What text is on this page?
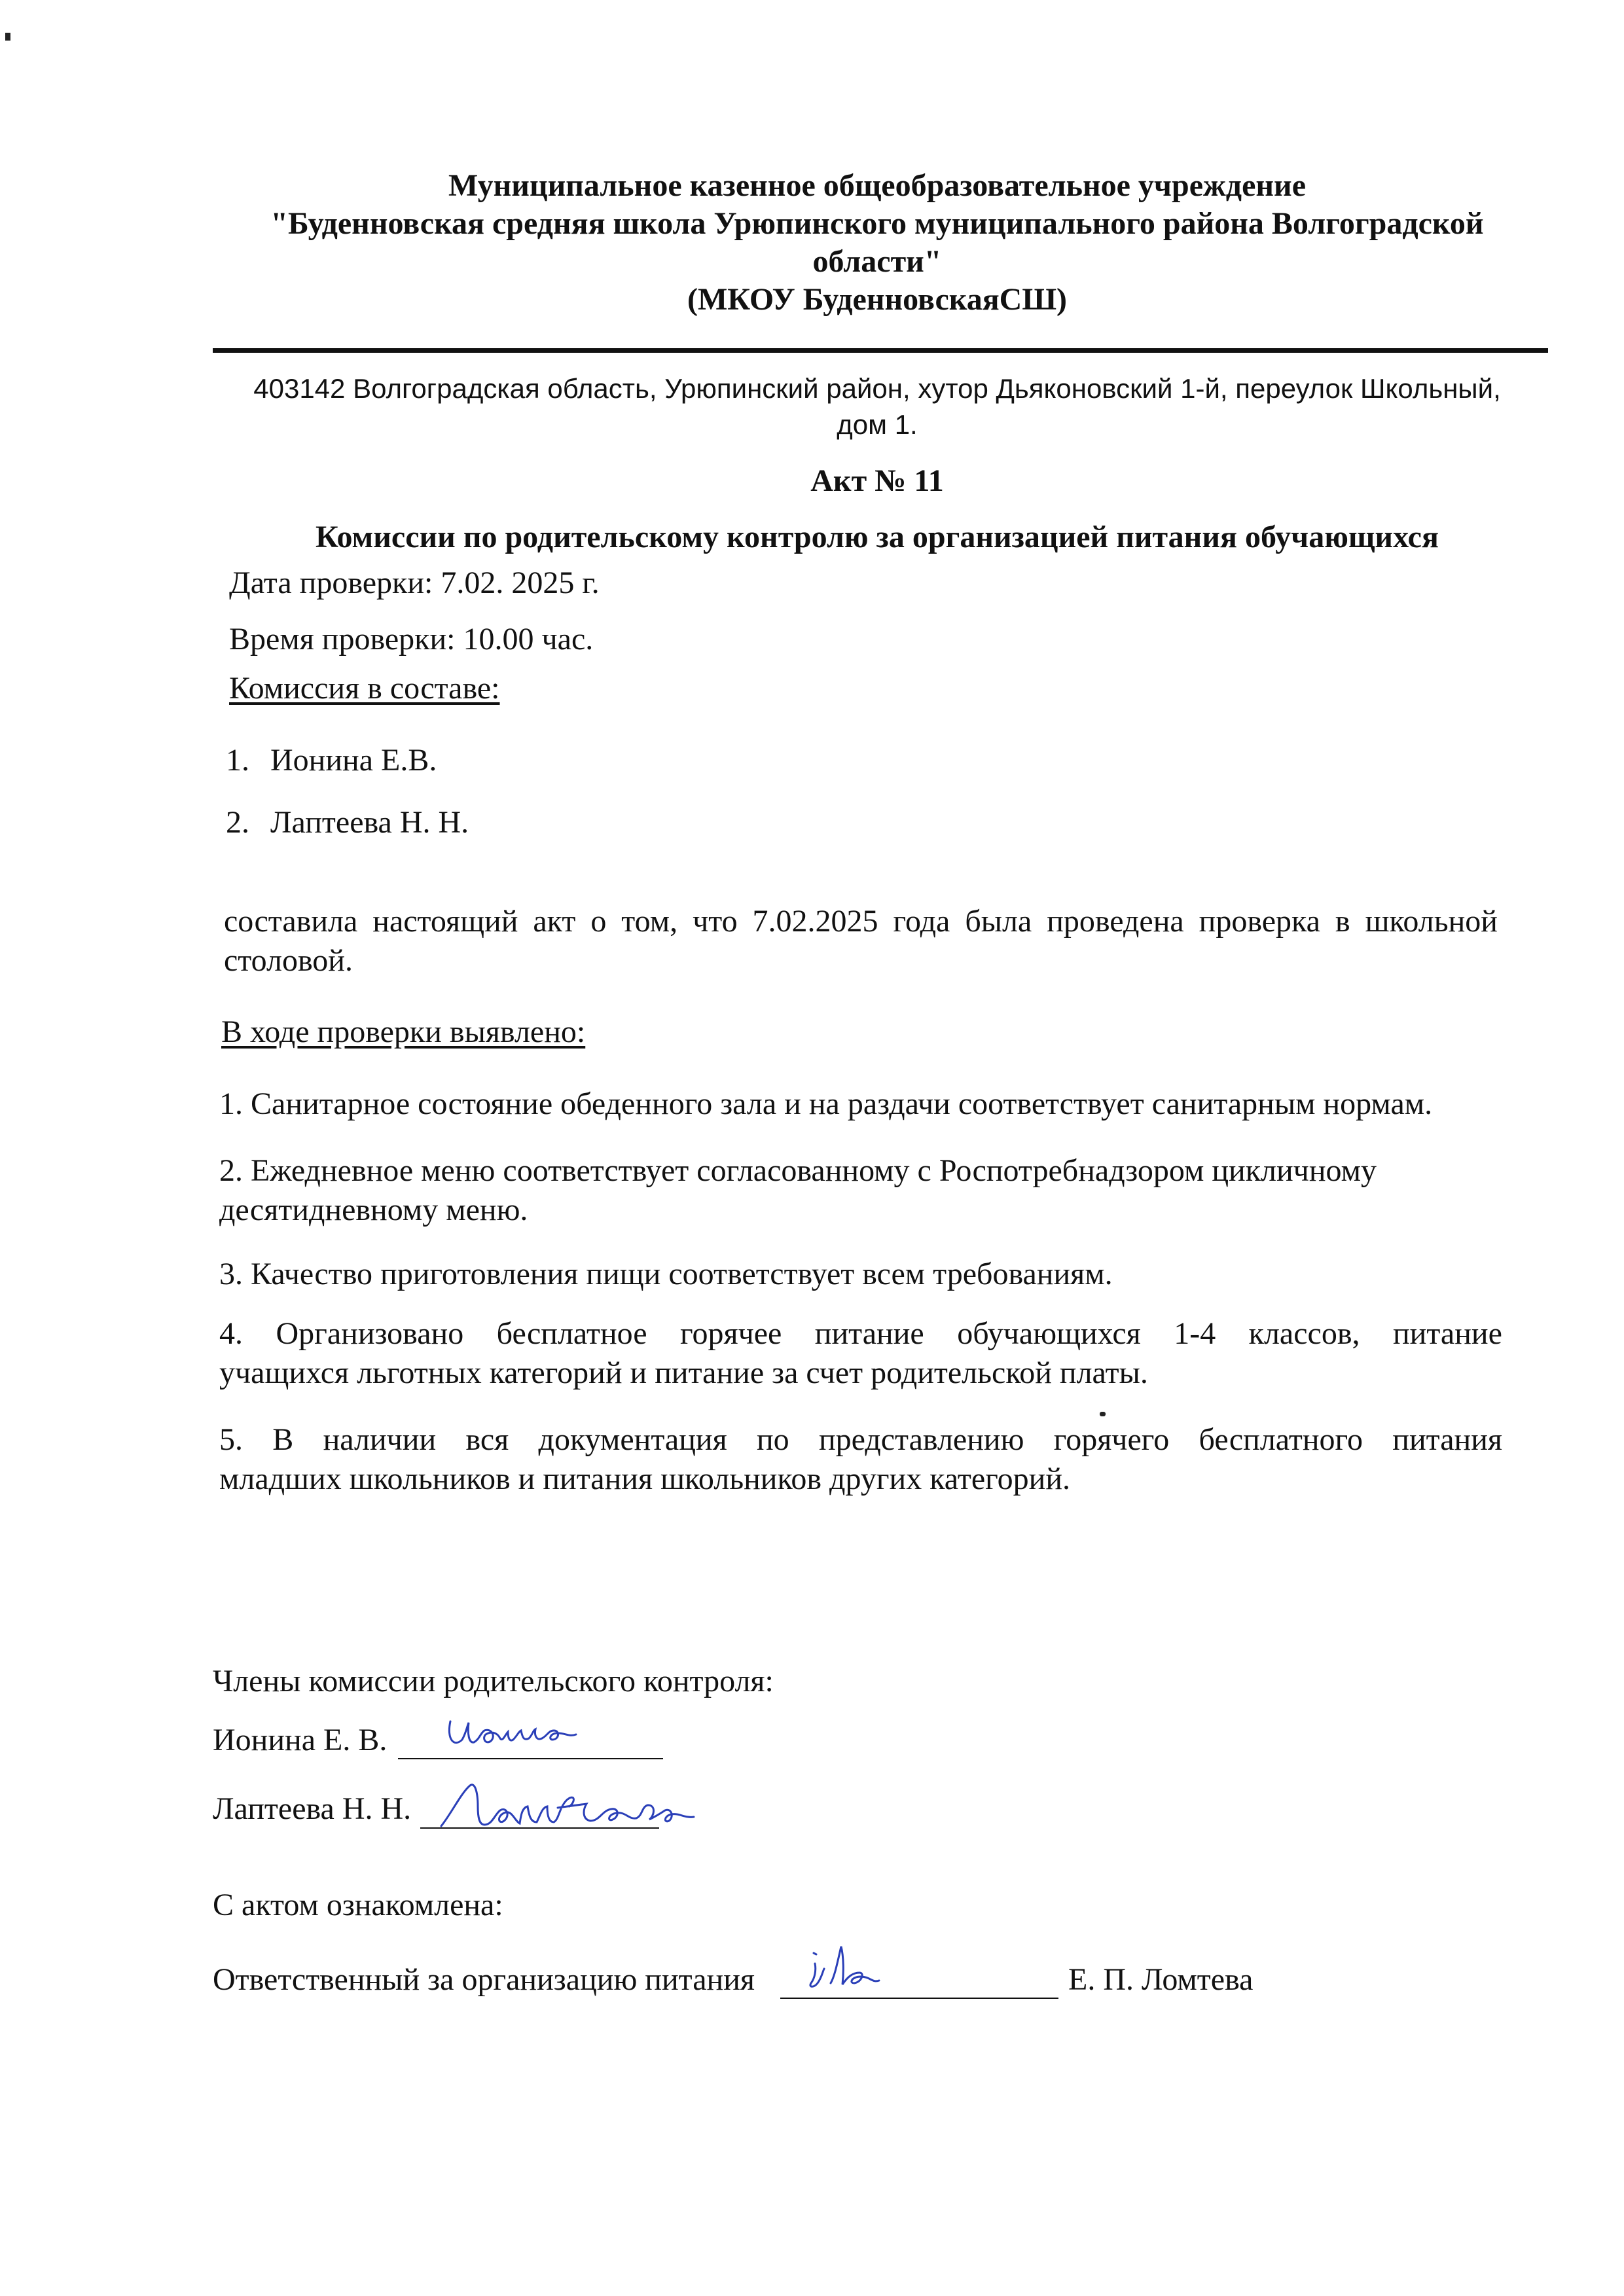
Муниципальное казенное общеобразовательное учреждение
"Буденновская средняя школа Урюпинского муниципального района Волгоградской
области"
(МКОУ БуденновскаяСШ)
403142 Волгоградская область, Урюпинский район, хутор Дьяконовский 1-й, переулок Школьный,
дом 1.
Акт № 11
Комиссии по родительскому контролю за организацией питания обучающихся
Дата проверки: 7.02. 2025 г.
Время проверки: 10.00 час.
Комиссия в составе:
1. Ионина Е.В.
2. Лаптеева Н. Н.
составила настоящий акт о том, что 7.02.2025 года была проведена проверка в школьной
столовой.
В ходе проверки выявлено:
1. Санитарное состояние обеденного зала и на раздачи соответствует санитарным нормам.
2. Ежедневное меню соответствует согласованному с Роспотребнадзором цикличному
десятидневному меню.
3. Качество приготовления пищи соответствует всем требованиям.
4. Организовано бесплатное горячее питание обучающихся 1-4 классов, питание
учащихся льготных категорий и питание за счет родительской платы.
5. В наличии вся документация по представлению горячего бесплатного питания
младших школьников и питания школьников других категорий.
Члены комиссии родительского контроля:
Ионина Е. В.
Лаптеева Н. Н.
С актом ознакомлена:
Ответственный за организацию питания	Е. П. Ломтева
